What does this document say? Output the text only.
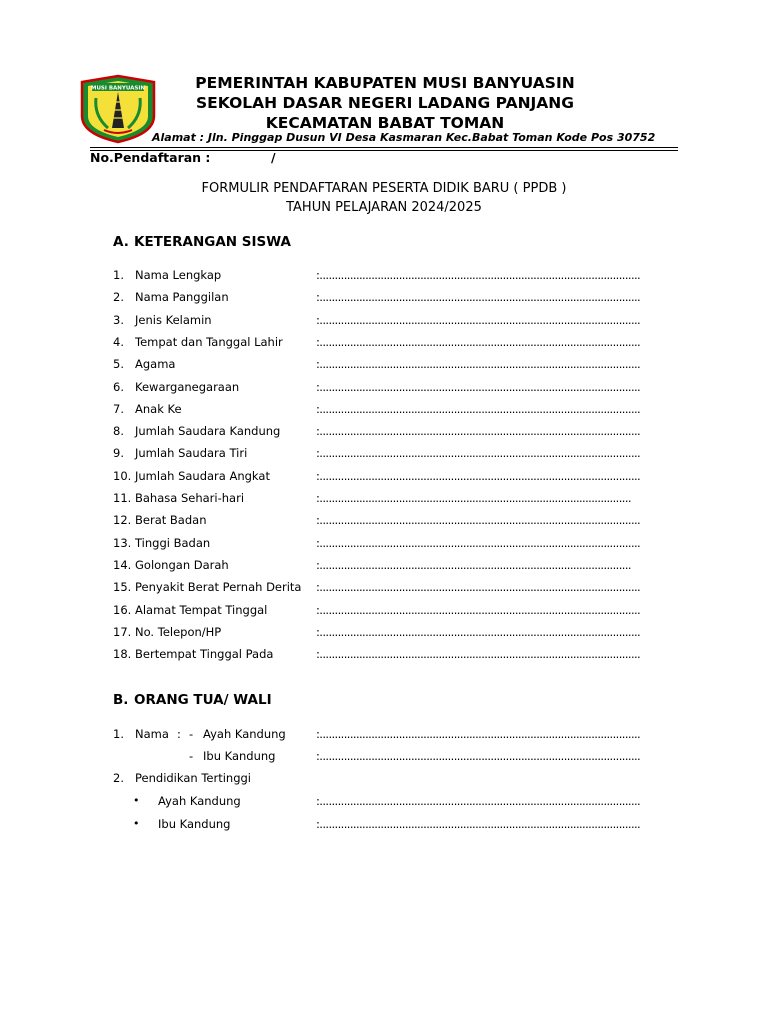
MUSI BANYUASIN	PEMERINTAH KABUPATEN MUSI BANYUASIN
SEKOLAH DASAR NEGERI LADANG PANJANG
KECAMATAN BABAT TOMAN
Alamat : Jln. Pinggap Dusun VI Desa Kasmaran Kec.Babat Toman Kode Pos 30752
No.Pendaftaran :	/
FORMULIR PENDAFTARAN PESERTA DIDIK BARU ( PPDB )
TAHUN PELAJARAN 2024/2025
A. KETERANGAN SISWA
1. Nama Lengkap	:.........................................................................................................
2. Nama Panggilan	:.........................................................................................................
3. Jenis Kelamin	:.........................................................................................................
4. Tempat dan Tanggal Lahir	:.........................................................................................................
5. Agama	:.........................................................................................................
6. Kewarganegaraan	:.........................................................................................................
7. Anak Ke	:.........................................................................................................
8. Jumlah Saudara Kandung	:.........................................................................................................
9. Jumlah Saudara Tiri	:.........................................................................................................
10. Jumlah Saudara Angkat	:.........................................................................................................
11. Bahasa Sehari-hari	:......................................................................................................
12. Berat Badan	:.........................................................................................................
13. Tinggi Badan	:.........................................................................................................
14. Golongan Darah	:......................................................................................................
15. Penyakit Berat Pernah Derita :.........................................................................................................
16. Alamat Tempat Tinggal	:.........................................................................................................
17. No. Telepon/HP	:.........................................................................................................
18. Bertempat Tinggal Pada	:.........................................................................................................
B. ORANG TUA/ WALI
1. Nama : - Ayah Kandung	:.........................................................................................................
- Ibu Kandung	:.........................................................................................................
2. Pendidikan Tertinggi
• Ayah Kandung	:.........................................................................................................
• Ibu Kandung	:.........................................................................................................
